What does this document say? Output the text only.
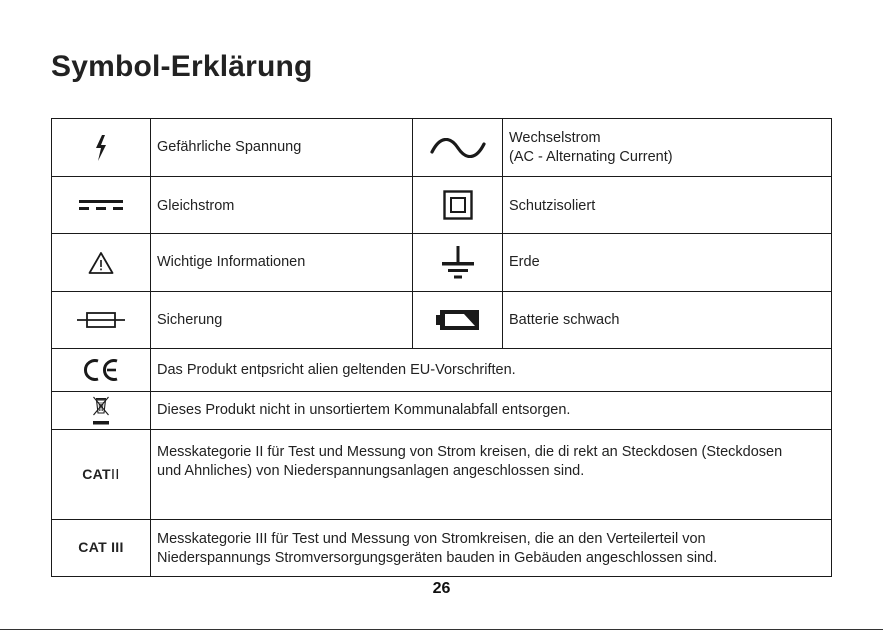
Symbol-Erklärung
	Gefährliche Spannung		Wechselstrom
(AC - Alternating Current)

	Gleichstrom		Schutzisoliert

	Wichtige Informationen		Erde

	Sicherung		Batterie schwach

	Das Produkt entpsricht alien geltenden EU-Vorschriften.		

	Dieses Produkt nicht in unsortiertem Kommunalabfall entsorgen.		
CATII	Messkategorie II für Test und Messung von Strom kreisen, die di rekt an Steckdosen (Steckdosen
und Ahnliches) von Niederspannungsanlagen angeschlossen sind.		

CAT III	Messkategorie III für Test und Messung von Stromkreisen, die an den Verteilerteil von
Niederspannungs Stromversorgungsgeräten bauden in Gebäuden angeschlossen sind.		
26
